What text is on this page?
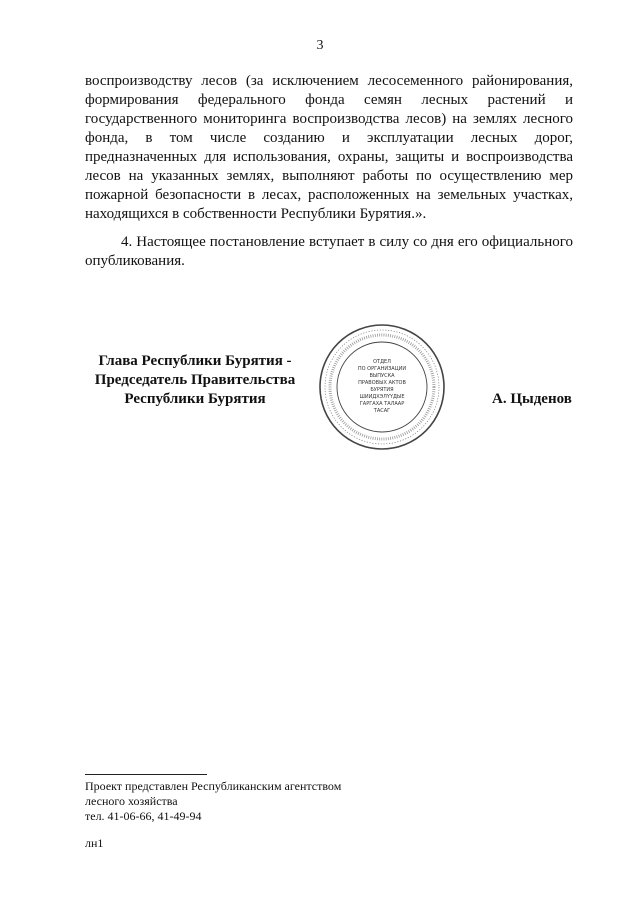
3

воспроизводству лесов (за исключением лесосеменного районирования, формирования федерального фонда семян лесных растений и государственного мониторинга воспроизводства лесов) на землях лесного фонда, в том числе созданию и эксплуатации лесных дорог, предназначенных для использования, охраны, защиты и воспроизводства лесов на указанных землях, выполняют работы по осуществлению мер пожарной безопасности в лесах, расположенных на земельных участках, находящихся в собственности Республики Бурятия.».

4. Настоящее постановление вступает в силу со дня его официального опубликования.

Глава Республики Бурятия -
Председатель Правительства
Республики Бурятия
ОТДЕЛ
ПО ОРГАНИЗАЦИИ
ВЫПУСКА
ПРАВОВЫХ АКТОВ
БУРЯТИЯ
ШИИДХЭЛҮҮДЫЕ
ГАРГАХА ТАЛААР
ТАСАГ
А. Цыденов
Проект представлен Республиканским агентством
лесного хозяйства
тел. 41-06-66, 41-49-94
лн1
